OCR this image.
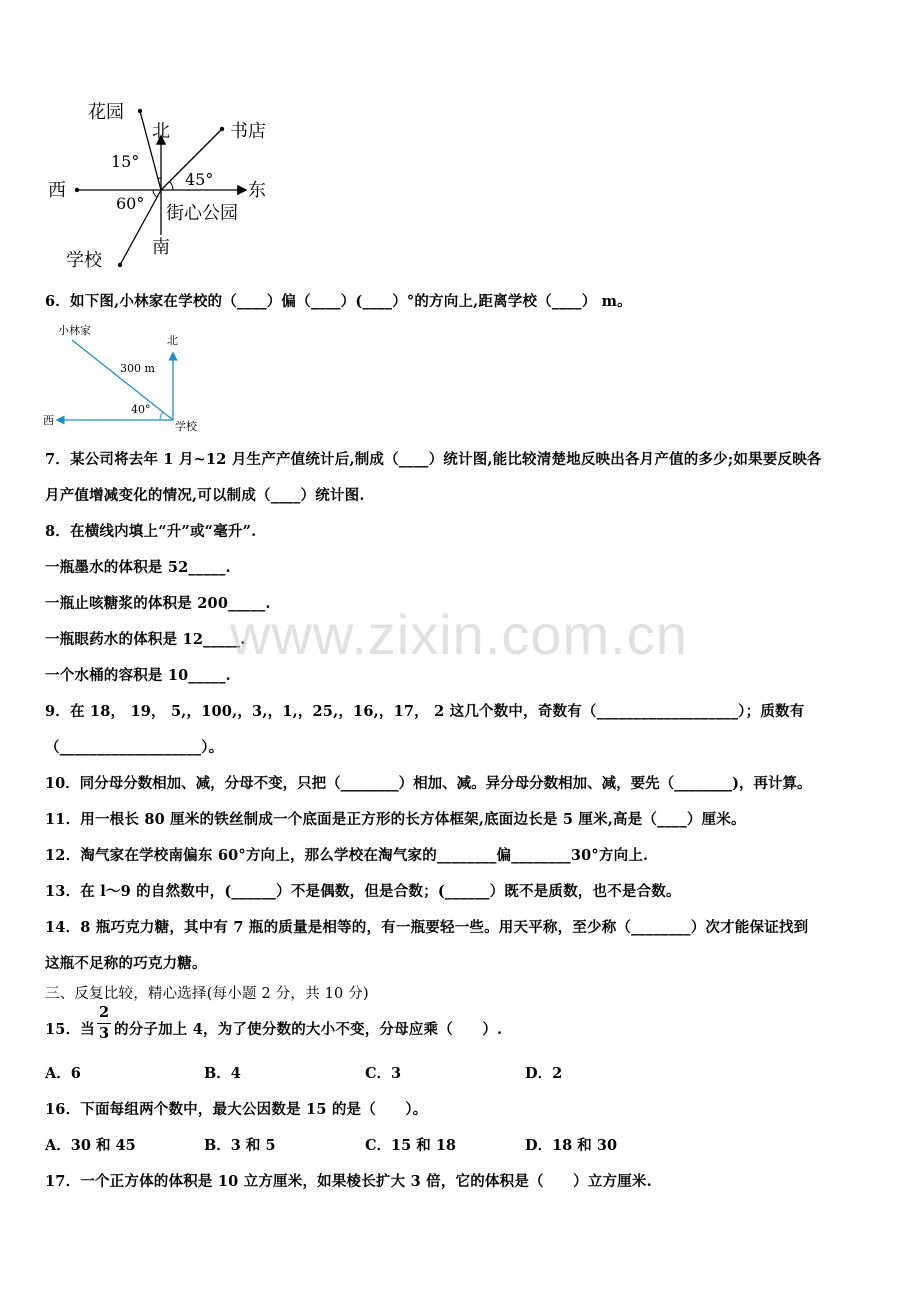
花园
北	书店
15°
西
45°
东
60° 街心公园
南
学校
6．如下图,小林家在学校的（____）偏（____）(____）°的方向上,距离学校（____） m。
小林家
北
300 m
40°
西	学校
7．某公司将去年 1 月~12 月生产产值统计后,制成（____）统计图,能比较清楚地反映出各月产值的多少;如果要反映各
月产值增减变化的情况,可以制成（____）统计图.
8．在横线内填上“升”或“毫升”.
一瓶墨水的体积是 52_____.
一瓶止咳糖浆的体积是 200_____.
一瓶眼药水的体积是 12_____.
一个水桶的容积是 10_____.
9．在 18， 19， 5,，100,，3,，1,，25,，16,，17， 2 这几个数中，奇数有（___________________）；质数有
（___________________）。
10．同分母分数相加、减，分母不变，只把（________）相加、减。异分母分数相加、减，要先（________)，再计算。
11．用一根长 80 厘米的铁丝制成一个底面是正方形的长方体框架,底面边长是 5 厘米,高是（____）厘米。
12．淘气家在学校南偏东 60°方向上，那么学校在淘气家的________偏________30°方向上.
13．在 l～9 的自然数中，(______）不是偶数，但是合数；(______）既不是质数，也不是合数。
14．8 瓶巧克力糖，其中有 7 瓶的质量是相等的，有一瓶要轻一些。用天平称，至少称（________）次才能保证找到
这瓶不足称的巧克力糖。
三、反复比较，精心选择(每小题 2 分，共 10 分)
15．当
2
3 的分子加上 4，为了使分数的大小不变，分母应乘（　　）.
A．6	B．4	C．3	D．2
16．下面每组两个数中，最大公因数是 15 的是（　　）。
A．30 和 45	B．3 和 5	C．15 和 18	D．18 和 30
17．一个正方体的体积是 10 立方厘米，如果棱长扩大 3 倍，它的体积是（　　）立方厘米.
www.zixin.com.cn
